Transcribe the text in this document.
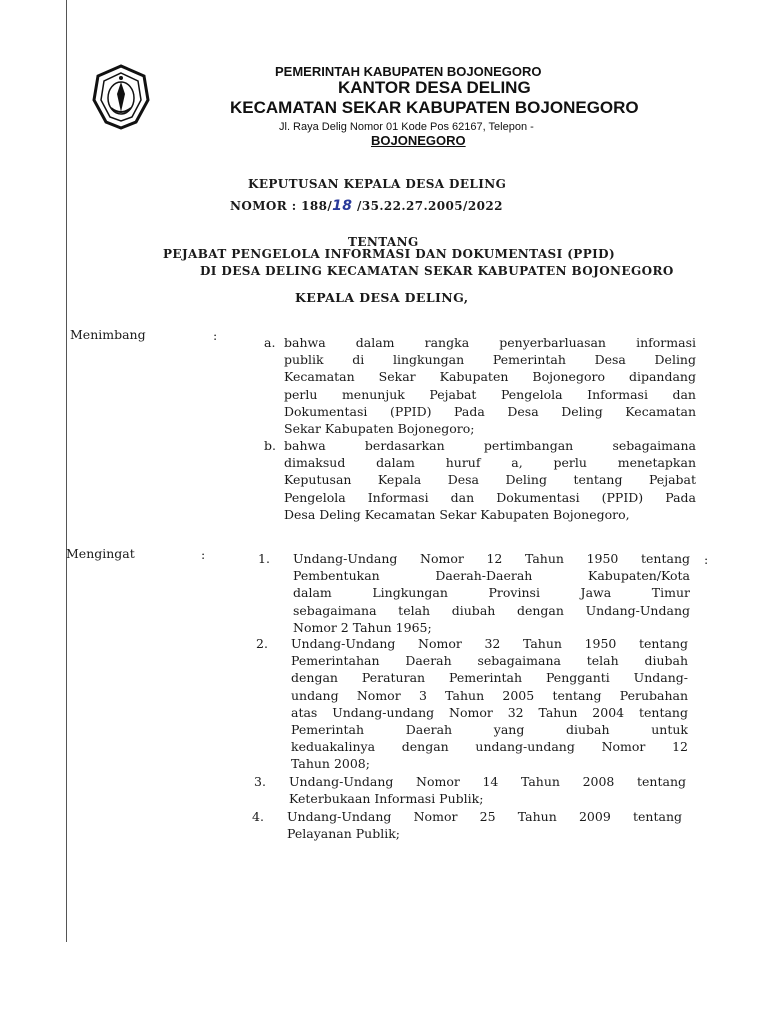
PEMERINTAH KABUPATEN BOJONEGORO
KANTOR DESA DELING
KECAMATAN SEKAR KABUPATEN BOJONEGORO
Jl. Raya Delig Nomor 01 Kode Pos 62167, Telepon -
BOJONEGORO
KEPUTUSAN KEPALA DESA DELING
NOMOR : 188/18 /35.22.27.2005/2022
TENTANG
PEJABAT PENGELOLA INFORMASI DAN DOKUMENTASI (PPID)
DI DESA DELING KECAMATAN SEKAR KABUPATEN BOJONEGORO
KEPALA DESA DELING,
Menimbang	:	a. bahwa dalam rangka penyerbarluasan informasi
publik di lingkungan Pemerintah Desa Deling
Kecamatan Sekar Kabupaten Bojonegoro dipandang
perlu menunjuk Pejabat Pengelola Informasi dan
Dokumentasi (PPID) Pada Desa Deling Kecamatan
Sekar Kabupaten Bojonegoro;
b. bahwa berdasarkan pertimbangan sebagaimana
dimaksud dalam huruf a, perlu menetapkan
Keputusan Kepala Desa Deling tentang Pejabat
Pengelola Informasi dan Dokumentasi (PPID) Pada
Desa Deling Kecamatan Sekar Kabupaten Bojonegoro,
Mengingat	:	:
1. Undang-Undang Nomor 12 Tahun 1950 tentang
Pembentukan Daerah-Daerah Kabupaten/Kota
dalam Lingkungan Provinsi Jawa Timur
sebagaimana telah diubah dengan Undang-Undang
Nomor 2 Tahun 1965;
2. Undang-Undang Nomor 32 Tahun 1950 tentang
Pemerintahan Daerah sebagaimana telah diubah
dengan Peraturan Pemerintah Pengganti Undang-
undang Nomor 3 Tahun 2005 tentang Perubahan
atas Undang-undang Nomor 32 Tahun 2004 tentang
Pemerintah Daerah yang diubah untuk
keduakalinya dengan undang-undang Nomor 12
Tahun 2008;
3. Undang-Undang Nomor 14 Tahun 2008 tentang
Keterbukaan Informasi Publik;
4. Undang-Undang Nomor 25 Tahun 2009 tentang
Pelayanan Publik;
